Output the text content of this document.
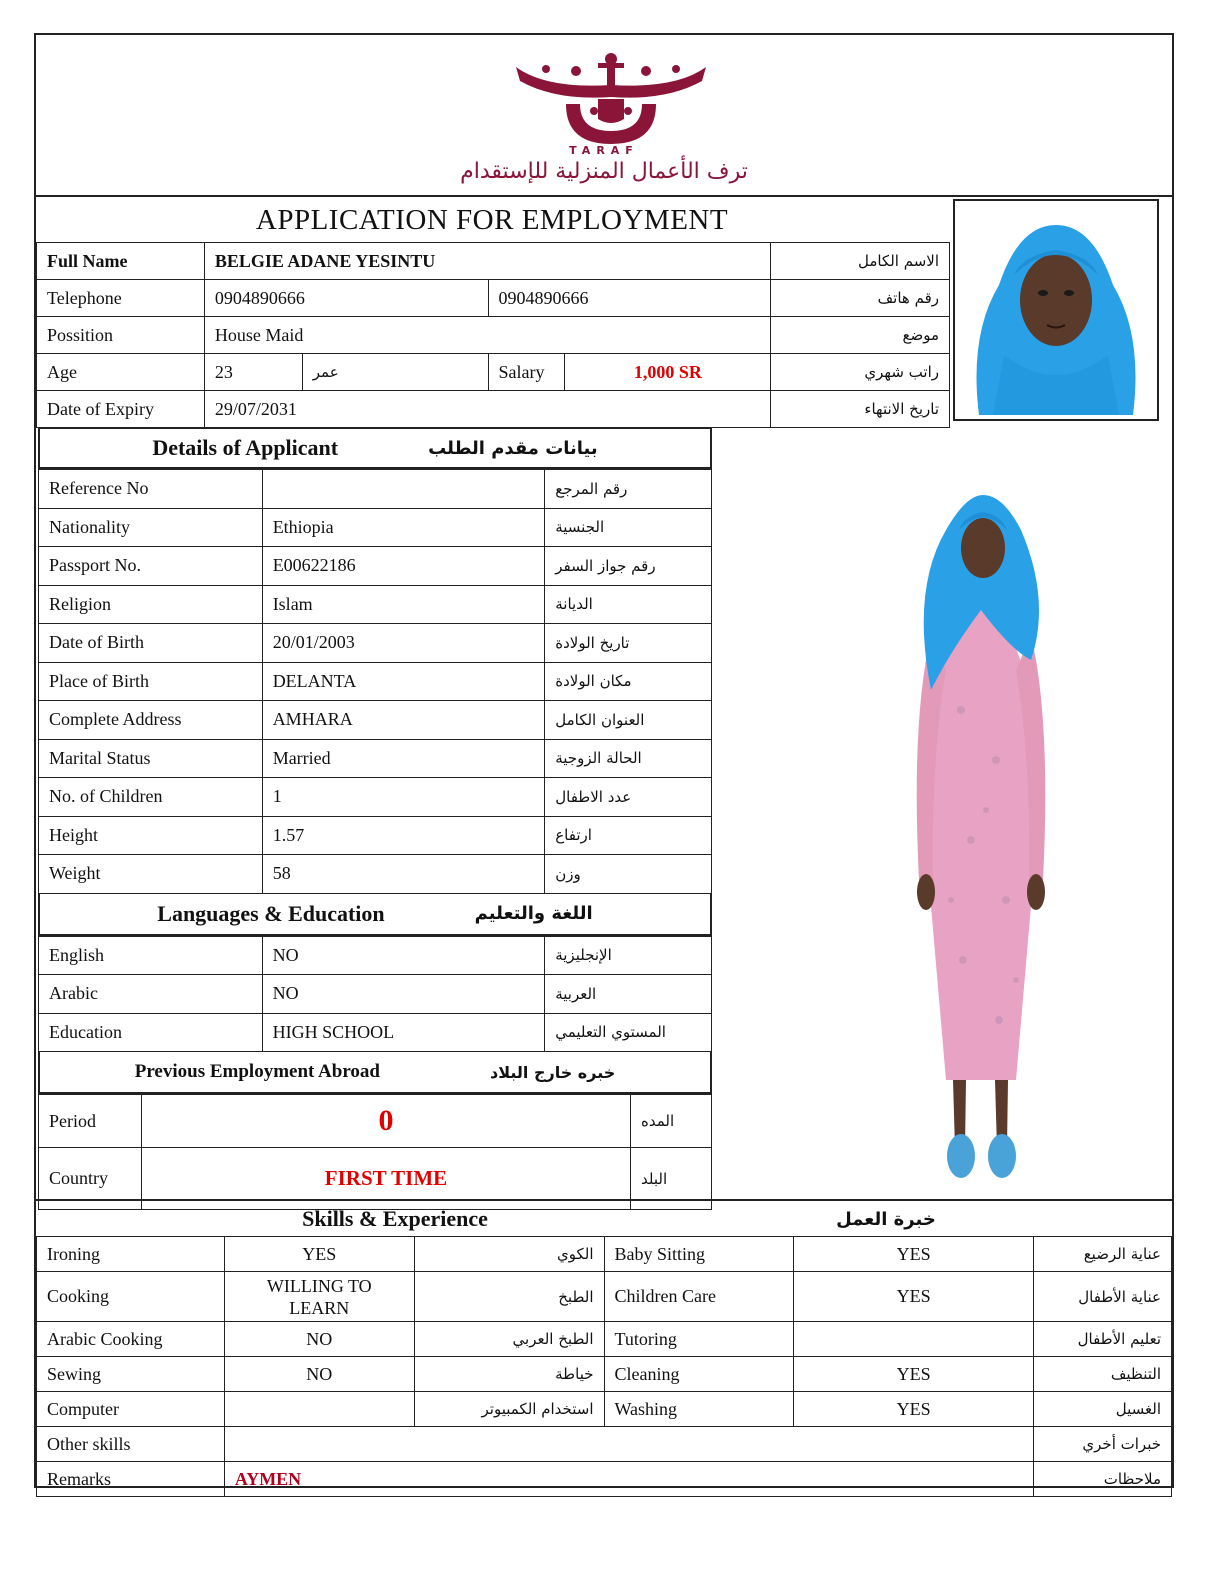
TARAF
ترف الأعمال المنزلية للإستقدام
APPLICATION FOR EMPLOYMENT
Full Name	BELGIE ADANE YESINTU				الاسم الكامل
Telephone	0904890666		0904890666		رقم هاتف
Possition	House Maid				موضع
Age	23	عمر	Salary	1,000 SR	راتب شهري
Date of Expiry	29/07/2031				تاريخ الانتهاء
Details of Applicant	بيانات مقدم الطلب
Reference No		رقم المرجع
Nationality	Ethiopia	الجنسية
Passport No.	E00622186	رقم جواز السفر
Religion	Islam	الديانة
Date of Birth	20/01/2003	تاريخ الولادة
Place of Birth	DELANTA	مكان الولادة
Complete Address	AMHARA	العنوان الكامل
Marital Status	Married	الحالة الزوجية
No. of Children	1	عدد الاطفال
Height	1.57	ارتفاع
Weight	58	وزن
Languages & Education	اللغة والتعليم
English	NO	الإنجليزية
Arabic	NO	العربية
Education	HIGH SCHOOL	المستوي التعليمي
Previous Employment Abroad	خبره خارج البلاد
Period	0	المده
Country	FIRST TIME	البلد
Skills & Experience	خبرة العمل
Ironing	YES	الكوي	Baby Sitting	YES	عناية الرضيع
Cooking	WILLING TO LEARN	الطبخ	Children Care	YES	عناية الأطفال
Arabic Cooking	NO	الطبخ العربي	Tutoring		تعليم الأطفال
Sewing	NO	خياطة	Cleaning	YES	التنظيف
Computer		استخدام الكمبيوتر	Washing	YES	الغسيل
Other skills					خبرات أخري
Remarks	AYMEN				ملاحظات
